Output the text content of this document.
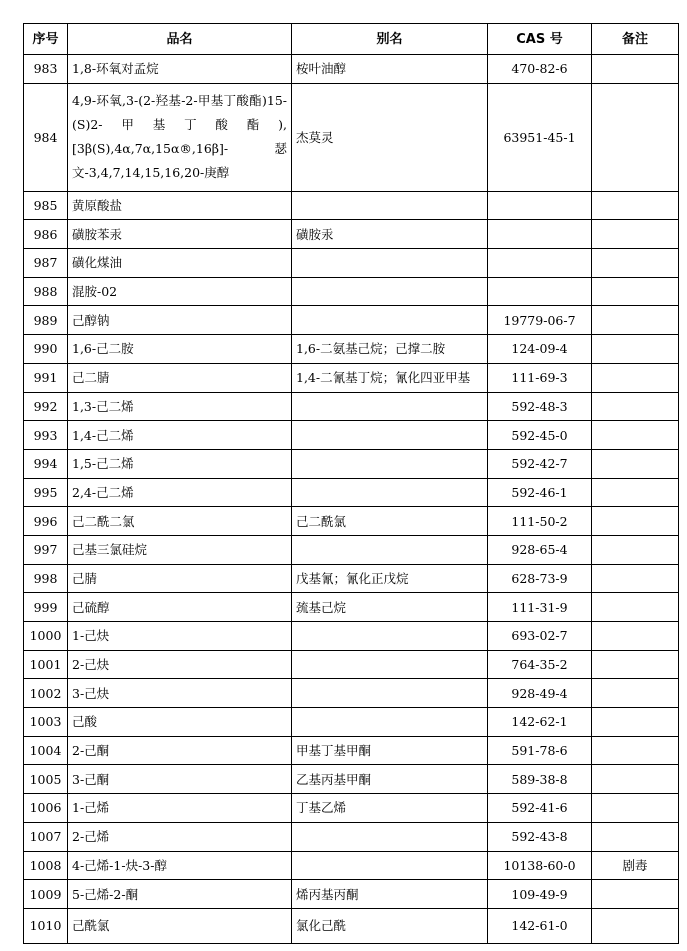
序号	品名	别名	CAS 号	备注
983	1,8-环氧对孟烷	桉叶油醇	470-82-6	
984	4,9-环氧,3-(2-羟基-2-甲基丁酸酯)15-(S)2-甲基丁酸酯),[3β(S),4α,7α,15α®,16β]-瑟文-3,4,7,14,15,16,20-庚醇	杰莫灵	63951-45-1	
985	黄原酸盐			
986	磺胺苯汞	磺胺汞		
987	磺化煤油			
988	混胺-02			
989	己醇钠		19779-06-7	
990	1,6-己二胺	1,6-二氨基己烷；己撑二胺	124-09-4	
991	己二腈	1,4-二氰基丁烷；氰化四亚甲基	111-69-3	
992	1,3-己二烯		592-48-3	
993	1,4-己二烯		592-45-0	
994	1,5-己二烯		592-42-7	
995	2,4-己二烯		592-46-1	
996	己二酰二氯	己二酰氯	111-50-2	
997	己基三氯硅烷		928-65-4	
998	己腈	戊基氰；氰化正戊烷	628-73-9	
999	己硫醇	巯基己烷	111-31-9	
1000	1-己炔		693-02-7	
1001	2-己炔		764-35-2	
1002	3-己炔		928-49-4	
1003	己酸		142-62-1	
1004	2-己酮	甲基丁基甲酮	591-78-6	
1005	3-己酮	乙基丙基甲酮	589-38-8	
1006	1-己烯	丁基乙烯	592-41-6	
1007	2-己烯		592-43-8	
1008	4-己烯-1-炔-3-醇		10138-60-0	剧毒
1009	5-己烯-2-酮	烯丙基丙酮	109-49-9	
1010	己酰氯	氯化己酰	142-61-0	
